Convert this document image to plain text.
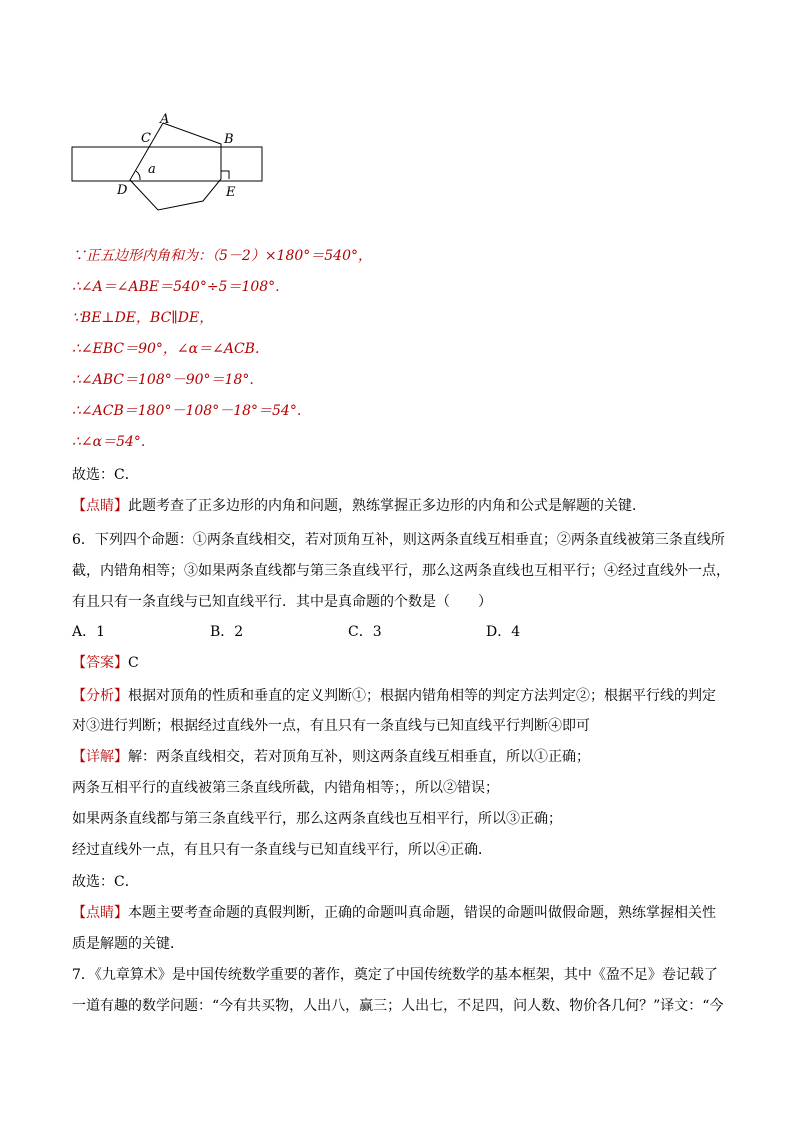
A
B
C
D	E
a
∵正五边形内角和为：（5－2）×180°＝540°，
∴∠A＝∠ABE＝540°÷5＝108°.
∵BE⊥DE，BC∥DE，
∴∠EBC＝90°，∠α＝∠ACB.
∴∠ABC＝108°－90°＝18°.
∴∠ACB＝180°－108°－18°＝54°.
∴∠α＝54°.
故选：C．
【点睛】此题考查了正多边形的内角和问题，熟练掌握正多边形的内角和公式是解题的关键．
6．下列四个命题：①两条直线相交，若对顶角互补，则这两条直线互相垂直；②两条直线被第三条直线所
截，内错角相等；③如果两条直线都与第三条直线平行，那么这两条直线也互相平行；④经过直线外一点，
有且只有一条直线与已知直线平行．其中是真命题的个数是（　　）
A．1	B．2	C．3	D．4
【答案】C
【分析】根据对顶角的性质和垂直的定义判断①；根据内错角相等的判定方法判定②；根据平行线的判定
对③进行判断；根据经过直线外一点，有且只有一条直线与已知直线平行判断④即可
【详解】解：两条直线相交，若对顶角互补，则这两条直线互相垂直，所以①正确；
两条互相平行的直线被第三条直线所截，内错角相等；，所以②错误；
如果两条直线都与第三条直线平行，那么这两条直线也互相平行，所以③正确；
经过直线外一点，有且只有一条直线与已知直线平行，所以④正确．
故选：C．
【点睛】本题主要考查命题的真假判断，正确的命题叫真命题，错误的命题叫做假命题，熟练掌握相关性
质是解题的关键．
7．《九章算术》是中国传统数学重要的著作，奠定了中国传统数学的基本框架，其中《盈不足》卷记载了
一道有趣的数学问题：“今有共买物，人出八，赢三；人出七，不足四，问人数、物价各几何？”译文：“今
